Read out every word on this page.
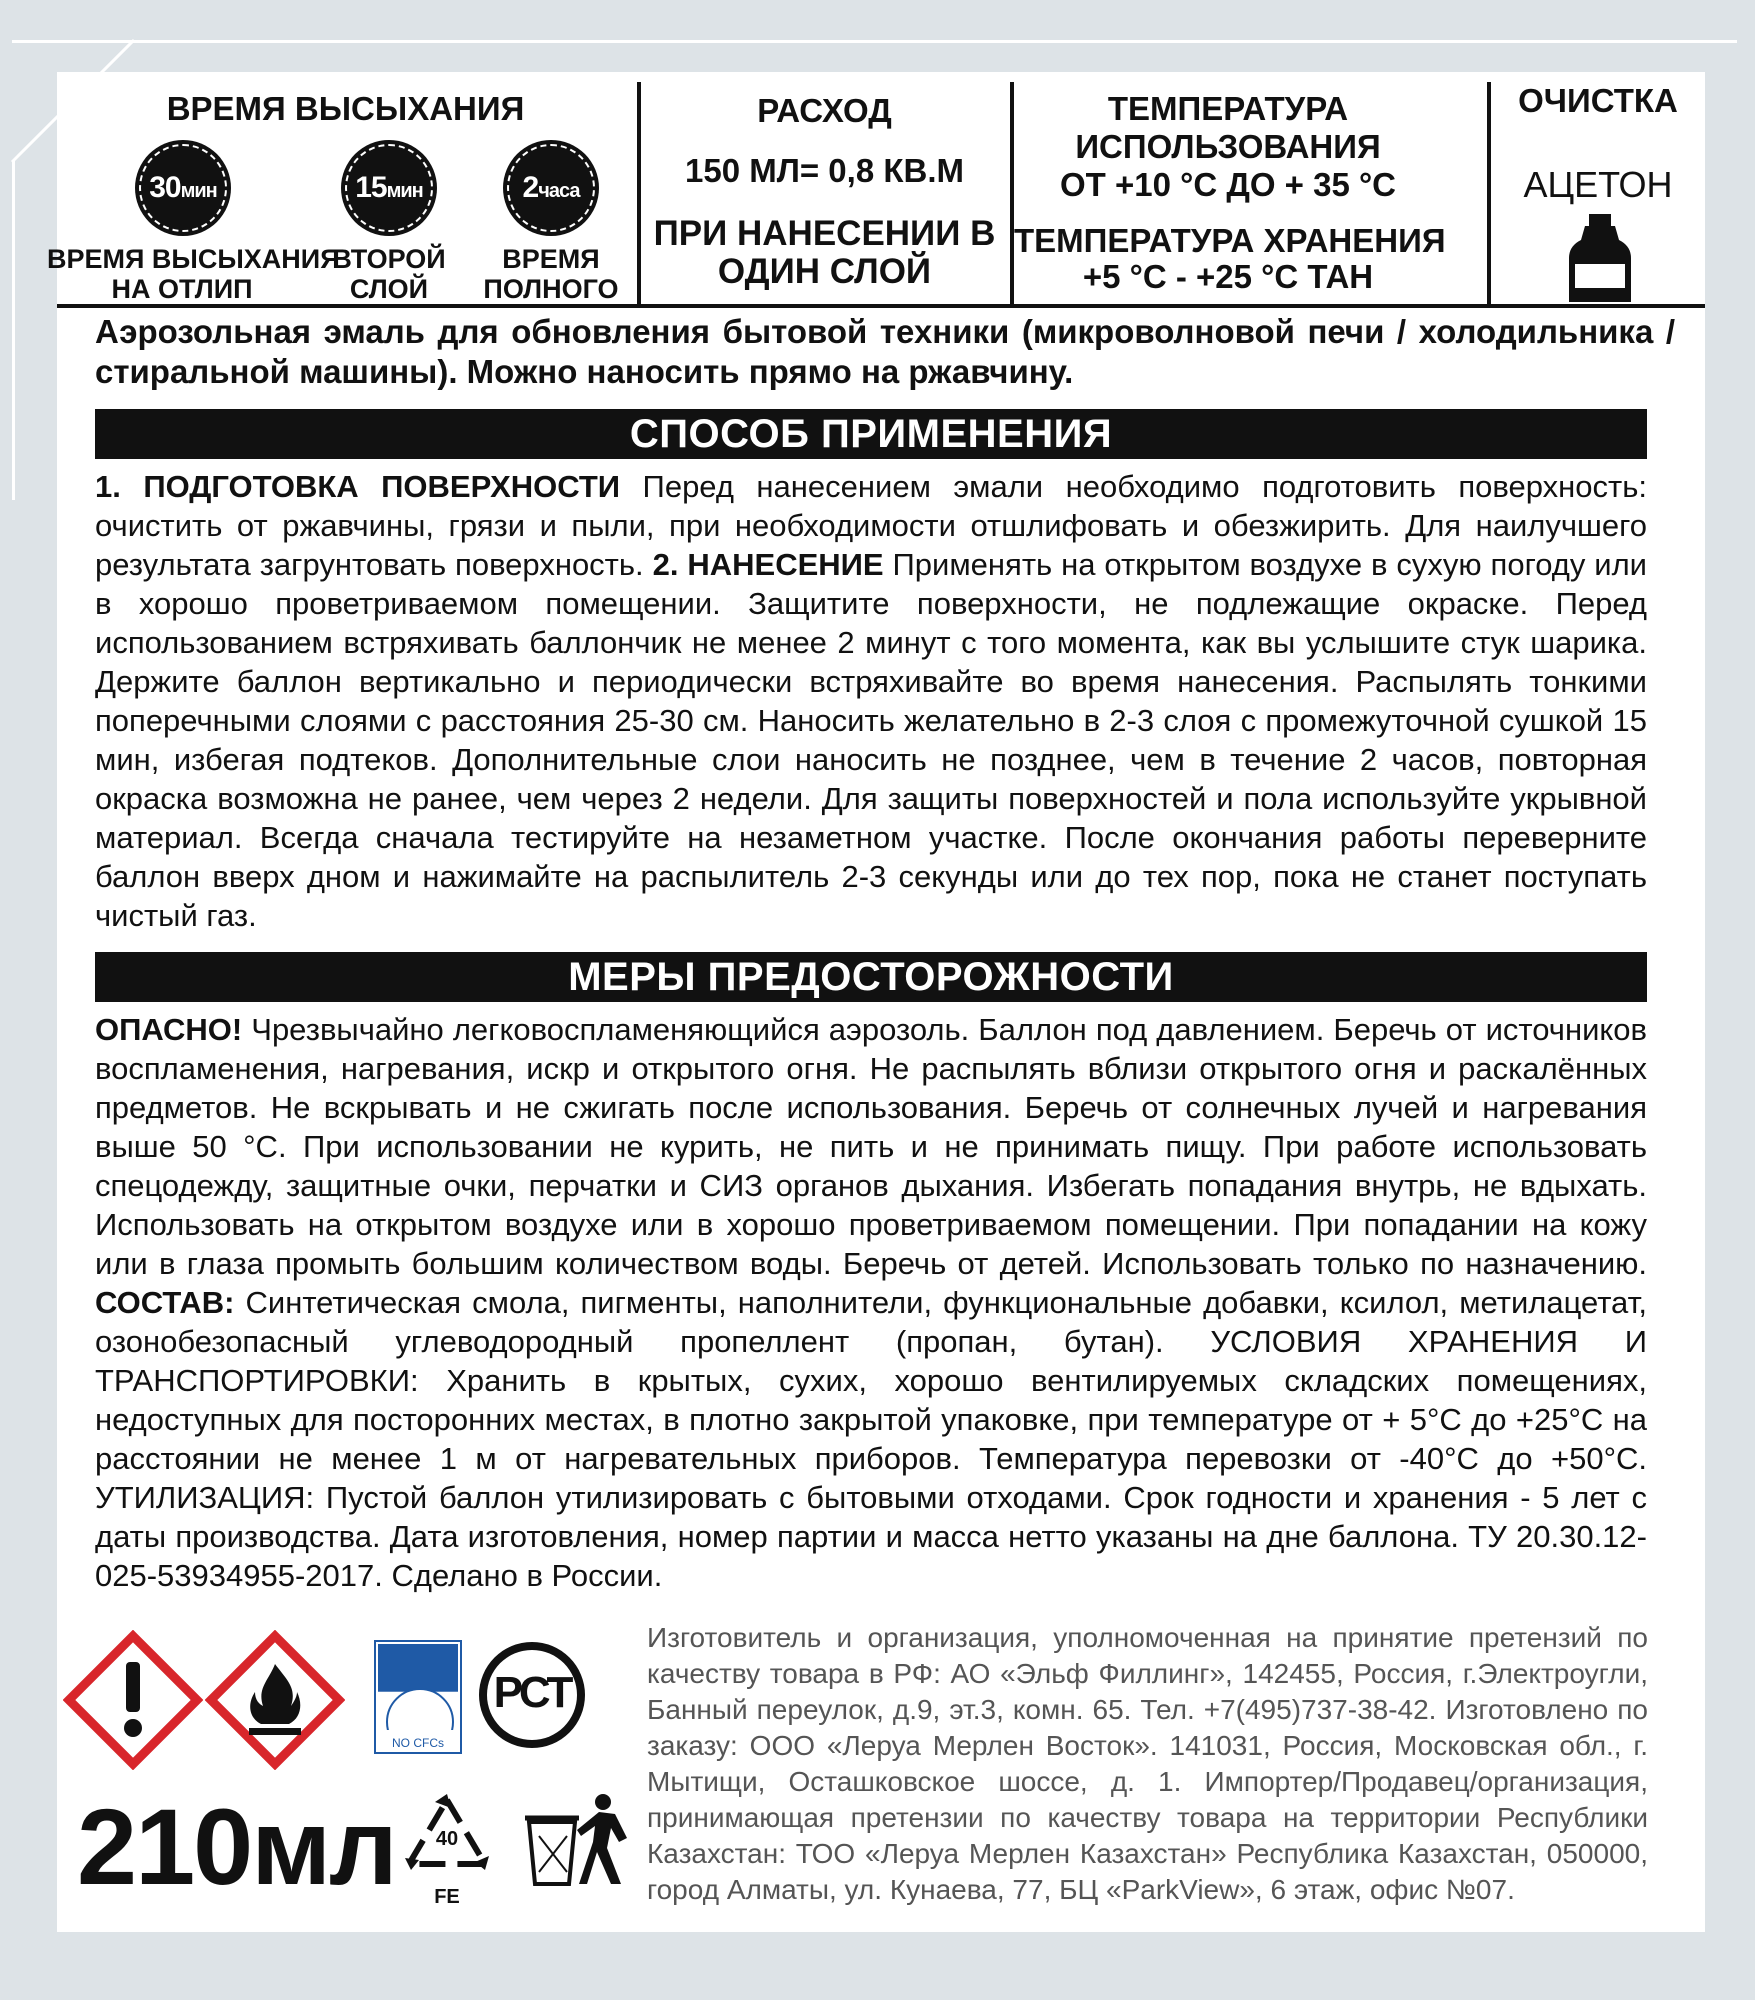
ВРЕМЯ ВЫСЫХАНИЯ
30мин
ВРЕМЯ ВЫСЫХАНИЯ
НА ОТЛИП
15мин
ВТОРОЙ
СЛОЙ
2часа
ВРЕМЯ
ПОЛНОГО
РАСХОД
150 МЛ= 0,8 КВ.М
ПРИ НАНЕСЕНИИ В
ОДИН СЛОЙ
ТЕМПЕРАТУРА
ИСПОЛЬЗОВАНИЯ
ОТ +10 °С ДО + 35 °С
ТЕМПЕРАТУРА ХРАНЕНИЯ
+5 °С - +25 °С ТАН
ОЧИСТКА
АЦЕТОН
Аэрозольная эмаль для обновления бытовой техники (микроволновой печи / холодильника / стиральной машины). Можно наносить прямо на ржавчину.
СПОСОБ ПРИМЕНЕНИЯ
1. ПОДГОТОВКА ПОВЕРХНОСТИ Перед нанесением эмали необходимо подготовить поверхность: очистить от ржавчины, грязи и пыли, при необходимости отшлифовать и обезжирить. Для наилучшего результата загрунтовать поверхность. 2. НАНЕСЕНИЕ Применять на открытом воздухе в сухую погоду или в хорошо проветриваемом помещении. Защитите поверхности, не подлежащие окраске. Перед использованием встряхивать баллончик не менее 2 минут с того момента, как вы услышите стук шарика. Держите баллон вертикально и периодически встряхивайте во время нанесения. Распылять тонкими поперечными слоями с расстояния 25-30 см. Наносить желательно в 2-3 слоя с промежуточной сушкой 15 мин, избегая подтеков. Дополнительные слои наносить не позднее, чем в течение 2 часов, повторная окраска возможна не ранее, чем через 2 недели. Для защиты поверхностей и пола используйте укрывной материал. Всегда сначала тестируйте на незаметном участке. После окончания работы переверните баллон вверх дном и нажимайте на распылитель 2-3 секунды или до тех пор, пока не станет поступать чистый газ.
МЕРЫ ПРЕДОСТОРОЖНОСТИ
ОПАСНО! Чрезвычайно легковоспламеняющийся аэрозоль. Баллон под давлением. Беречь от источников воспламенения, нагревания, искр и открытого огня. Не распылять вблизи открытого огня и раскалённых предметов. Не вскрывать и не сжигать после использования. Беречь от солнечных лучей и нагревания выше 50 °С. При использовании не курить, не пить и не принимать пищу. При работе использовать спецодежду, защитные очки, перчатки и СИЗ органов дыхания. Избегать попадания внутрь, не вдыхать. Использовать на открытом воздухе или в хорошо проветриваемом помещении. При попадании на кожу или в глаза промыть большим количеством воды. Беречь от детей. Использовать только по назначению. СОСТАВ: Синтетическая смола, пигменты, наполнители, функциональные добавки, ксилол, метилацетат, озонобезопасный углеводородный пропеллент (пропан, бутан). УСЛОВИЯ ХРАНЕНИЯ И ТРАНСПОРТИРОВКИ: Хранить в крытых, сухих, хорошо вентилируемых складских помещениях, недоступных для посторонних местах, в плотно закрытой упаковке, при температуре от + 5°С до +25°С на расстоянии не менее 1 м от нагревательных приборов. Температура перевозки от -40°С до +50°С. УТИЛИЗАЦИЯ: Пустой баллон утилизировать с бытовыми отходами. Срок годности и хранения - 5 лет с даты производства. Дата изготовления, номер партии и масса нетто указаны на дне баллона. ТУ 20.30.12-025-53934955-2017. Сделано в России.
NO CFCs
РСТ
210мл	40
FE
Изготовитель и организация, уполномоченная на принятие претензий по качеству товара в РФ: АО «Эльф Филлинг», 142455, Россия, г.Электроугли, Банный переулок, д.9, эт.3, комн. 65. Тел. +7(495)737-38-42. Изготовлено по заказу: ООО «Леруа Мерлен Восток». 141031, Россия, Московская обл., г. Мытищи, Осташковское шоссе, д. 1. Импортер/Продавец/организация, принимающая претензии по качеству товара на территории Республики Казахстан: ТОО «Леруа Мерлен Казахстан» Республика Казахстан, 050000, город Алматы, ул. Кунаева, 77, БЦ «ParkView», 6 этаж, офис №07.
